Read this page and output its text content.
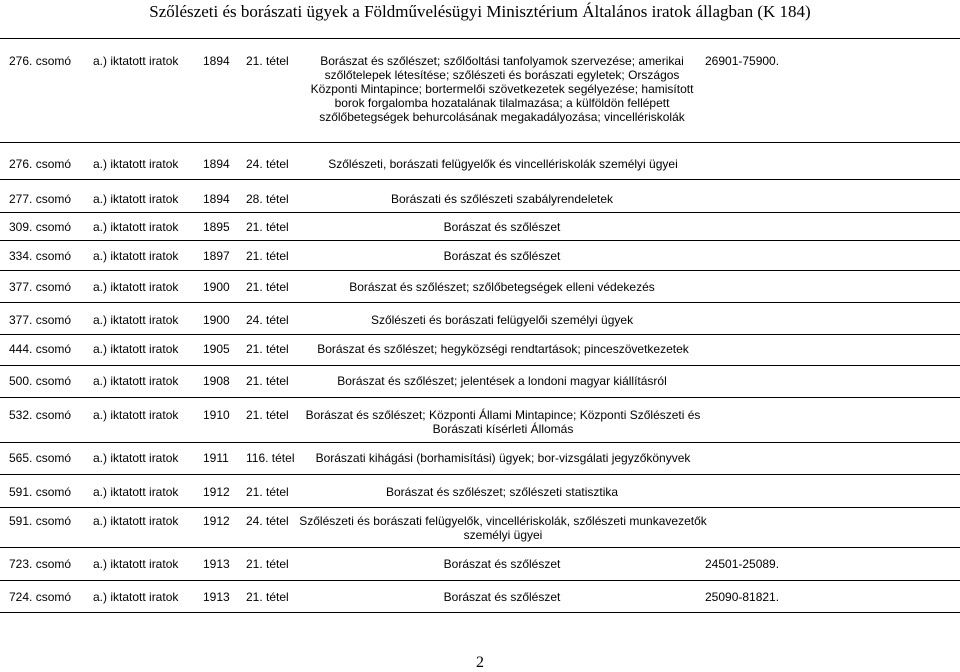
Szőlészeti és borászati ügyek a Földművelésügyi Minisztérium Általános iratok állagban (K 184)
276. csomó a.) iktatott iratok 1894 21. tétel	Borászat és szőlészet; szőlőoltási tanfolyamok szervezése; amerikai szőlőtelepek létesítése; szőlészeti és borászati egyletek; Országos Központi Mintapince; bortermelői szövetkezetek segélyezése; hamisított borok forgalomba hozatalának tilalmazása; a külföldön fellépett szőlőbetegségek behurcolásának megakadályozása; vincellériskolák
26901-75900.
276. csomó a.) iktatott iratok 1894 24. tétel	Szőlészeti, borászati felügyelők és vincellériskolák személyi ügyei
277. csomó a.) iktatott iratok 1894 28. tétel	Borászati és szőlészeti szabályrendeletek
309. csomó a.) iktatott iratok 1895 21. tétel	Borászat és szőlészet
334. csomó a.) iktatott iratok 1897 21. tétel	Borászat és szőlészet
377. csomó a.) iktatott iratok 1900 21. tétel	Borászat és szőlészet; szőlőbetegségek elleni védekezés
377. csomó a.) iktatott iratok 1900 24. tétel	Szőlészeti és borászati felügyelői személyi ügyek
444. csomó a.) iktatott iratok 1905 21. tétel	Borászat és szőlészet; hegyközségi rendtartások; pinceszövetkezetek
500. csomó a.) iktatott iratok 1908 21. tétel	Borászat és szőlészet; jelentések a londoni magyar kiállításról
532. csomó a.) iktatott iratok 1910 21. tétel	Borászat és szőlészet; Központi Állami Mintapince; Központi Szőlészeti és Borászati kísérleti Állomás
565. csomó a.) iktatott iratok 1911 116. tétel	Borászati kihágási (borhamisítási) ügyek; bor-vizsgálati jegyzőkönyvek
591. csomó a.) iktatott iratok 1912 21. tétel	Borászat és szőlészet; szőlészeti statisztika
591. csomó a.) iktatott iratok 1912 24. tétel Szőlészeti és borászati felügyelők, vincellériskolák, szőlészeti munkavezetők személyi ügyei
723. csomó a.) iktatott iratok 1913 21. tétel	Borászat és szőlészet	24501-25089.
724. csomó a.) iktatott iratok 1913 21. tétel	Borászat és szőlészet	25090-81821.
2
